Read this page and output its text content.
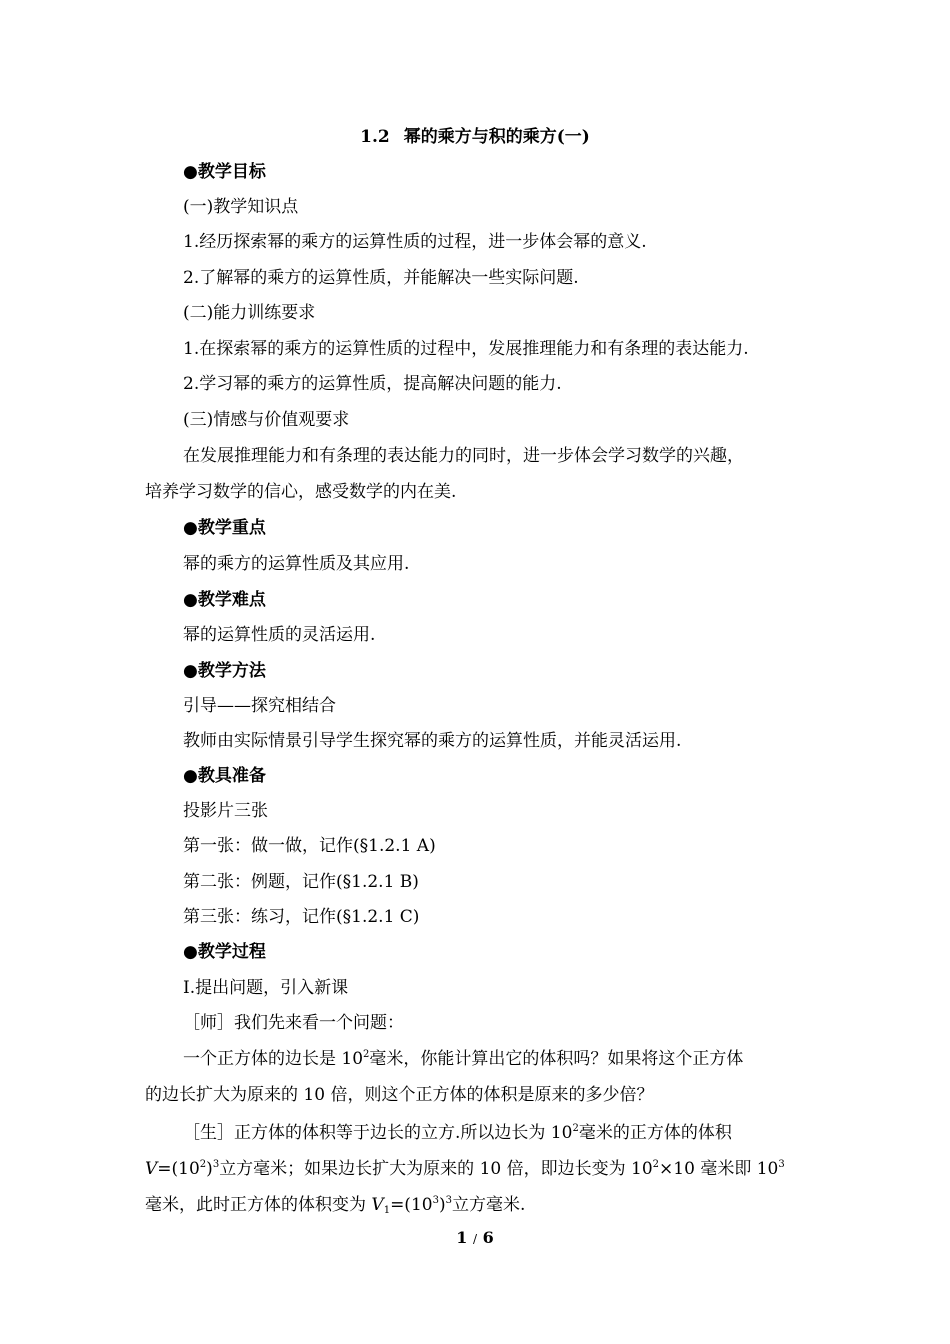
1.2 幂的乘方与积的乘方(一)
●教学目标
(一)教学知识点
1.经历探索幂的乘方的运算性质的过程，进一步体会幂的意义.
2.了解幂的乘方的运算性质，并能解决一些实际问题.
(二)能力训练要求
1.在探索幂的乘方的运算性质的过程中，发展推理能力和有条理的表达能力.
2.学习幂的乘方的运算性质，提高解决问题的能力.
(三)情感与价值观要求
在发展推理能力和有条理的表达能力的同时，进一步体会学习数学的兴趣，
培养学习数学的信心，感受数学的内在美.
●教学重点
幂的乘方的运算性质及其应用.
●教学难点
幂的运算性质的灵活运用.
●教学方法
引导——探究相结合
教师由实际情景引导学生探究幂的乘方的运算性质，并能灵活运用.
●教具准备
投影片三张
第一张：做一做，记作(§1.2.1 A)
第二张：例题，记作(§1.2.1 B)
第三张：练习，记作(§1.2.1 C)
●教学过程
Ⅰ.提出问题，引入新课
［师］我们先来看一个问题：
一个正方体的边长是 $10^2$毫米，你能计算出它的体积吗？如果将这个正方体
的边长扩大为原来的 10 倍，则这个正方体的体积是原来的多少倍？
［生］正方体的体积等于边长的立方.所以边长为 $10^2$毫米的正方体的体积
$V=(10^2)^3$立方毫米；如果边长扩大为原来的 10 倍，即边长变为 $10^2\times 10$ 毫米即 $10^3$
毫米，此时正方体的体积变为 $V_1=(10^3)^3$立方毫米.
1 / 6
